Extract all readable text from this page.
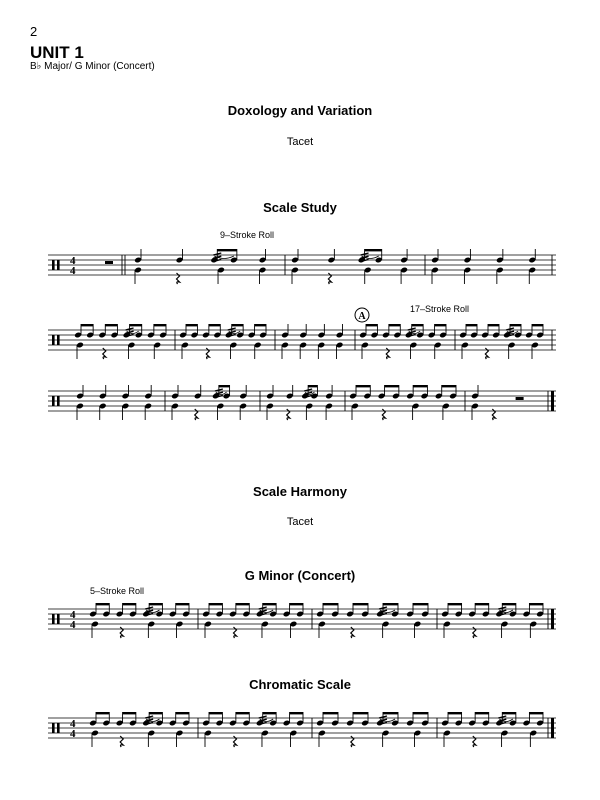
2
UNIT 1
B♭ Major/ G Minor (Concert)
Doxology and Variation
Tacet
Scale Study
9–Stroke Roll
17–Stroke Roll
Scale Harmony
Tacet
G Minor (Concert)
5–Stroke Roll
Chromatic Scale
4
4
A
4
4
4
4
